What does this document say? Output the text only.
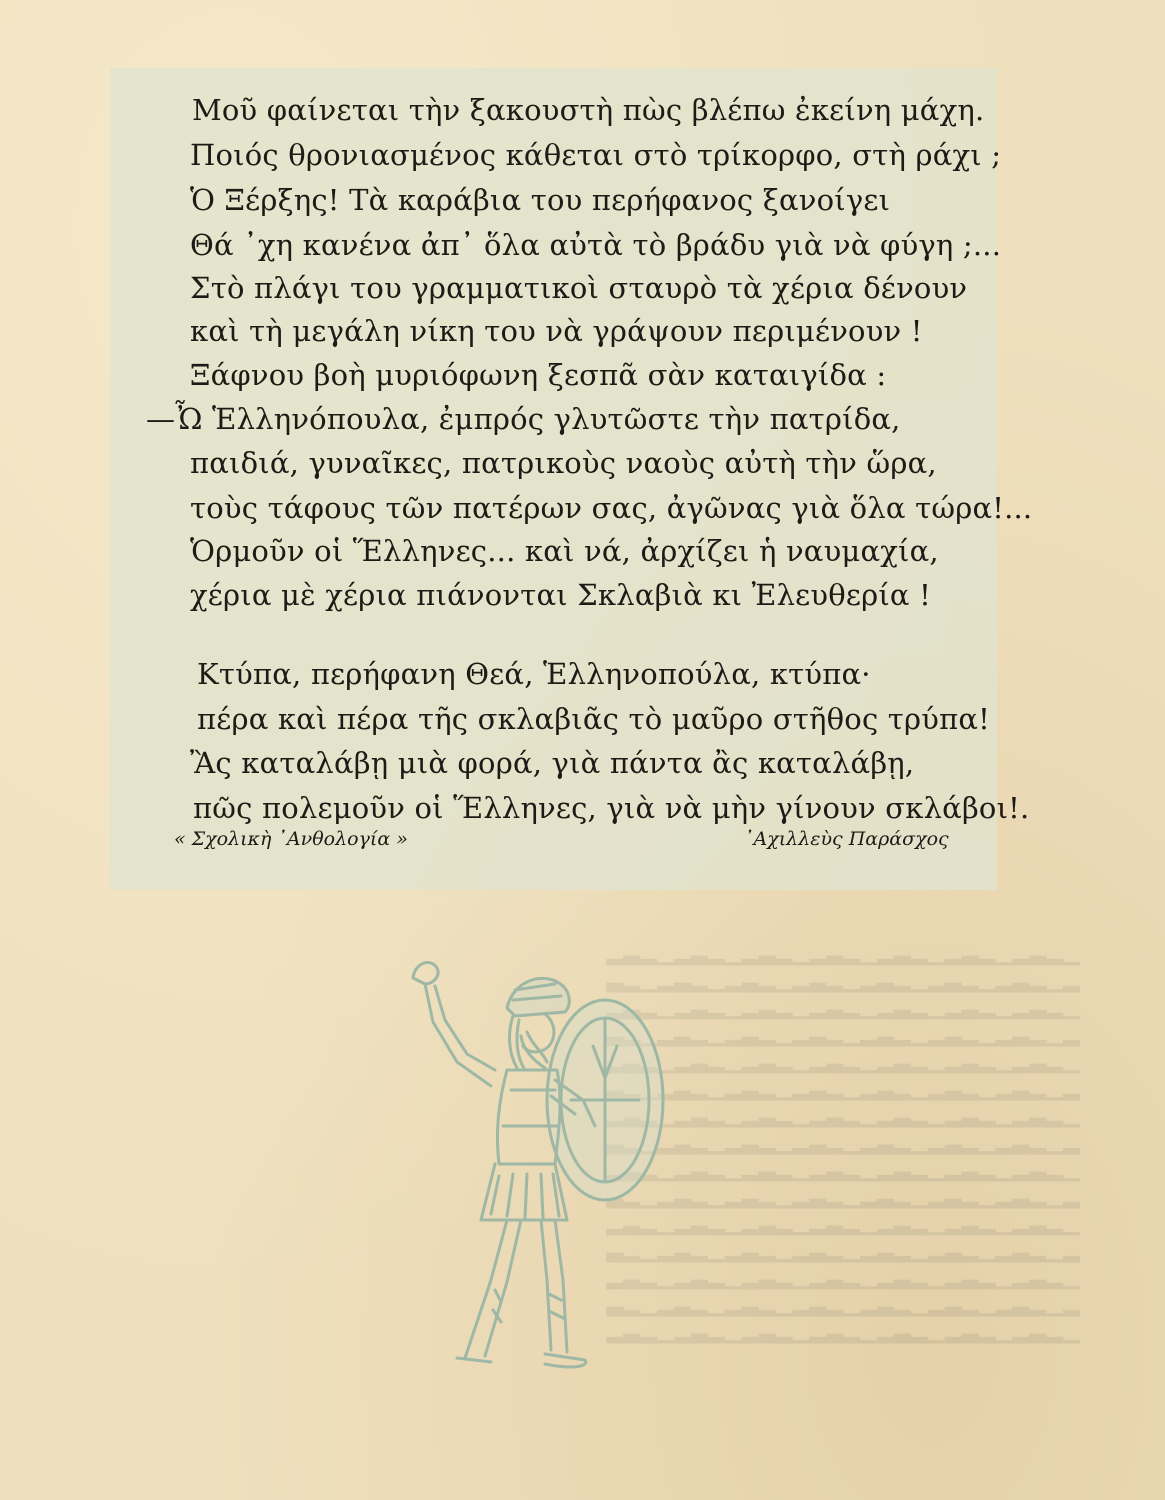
▁▂▃▂▁▂▃▂▁▂▃▂▁▂▃▂▁▂▃▂▁▂▃▂▁▂▃▂
▂▁▂▃▂▁▂▃▂▁▂▃▂▁▂▃▂▁▂▃▂▁▂▃▂▁▂▃
▁▂▃▂▁▂▃▂▁▂▃▂▁▂▃▂▁▂▃▂▁▂▃▂▁▂▃▂
▂▁▂▃▂▁▂▃▂▁▂▃▂▁▂▃▂▁▂▃▂▁▂▃▂▁▂▃
▁▂▃▂▁▂▃▂▁▂▃▂▁▂▃▂▁▂▃▂▁▂▃▂▁▂▃▂
▂▁▂▃▂▁▂▃▂▁▂▃▂▁▂▃▂▁▂▃▂▁▂▃▂▁▂▃
▁▂▃▂▁▂▃▂▁▂▃▂▁▂▃▂▁▂▃▂▁▂▃▂▁▂▃▂
▂▁▂▃▂▁▂▃▂▁▂▃▂▁▂▃▂▁▂▃▂▁▂▃▂▁▂▃
▁▂▃▂▁▂▃▂▁▂▃▂▁▂▃▂▁▂▃▂▁▂▃▂▁▂▃▂
▂▁▂▃▂▁▂▃▂▁▂▃▂▁▂▃▂▁▂▃▂▁▂▃▂▁▂▃
▁▂▃▂▁▂▃▂▁▂▃▂▁▂▃▂▁▂▃▂▁▂▃▂▁▂▃▂
▂▁▂▃▂▁▂▃▂▁▂▃▂▁▂▃▂▁▂▃▂▁▂▃▂▁▂▃
▁▂▃▂▁▂▃▂▁▂▃▂▁▂▃▂▁▂▃▂▁▂▃▂▁▂▃▂
▂▁▂▃▂▁▂▃▂▁▂▃▂▁▂▃▂▁▂▃▂▁▂▃▂▁▂▃
▁▂▃▂▁▂▃▂▁▂▃▂▁▂▃▂▁▂▃▂▁▂▃▂▁▂▃▂
Μοῦ φαίνεται τὴν ξακουστὴ πὼς βλέπω ἐκείνη μάχη.
Ποιός θρονιασμένος κάθεται στὸ τρίκορφο, στὴ ράχι ;
Ὁ Ξέρξης! Τὰ καράβια του περήφανος ξανοίγει
Θά ᾽χη κανένα ἀπ᾽ ὅλα αὐτὰ τὸ βράδυ γιὰ νὰ φύγη ;...
Στὸ πλάγι του γραμματικοὶ σταυρὸ τὰ χέρια δένουν
καὶ τὴ μεγάλη νίκη του νὰ γράψουν περιμένουν !
Ξάφνου βοὴ μυριόφωνη ξεσπᾶ σὰν καταιγίδα :
—Ὦ Ἑλληνόπουλα, ἐμπρός γλυτῶστε τὴν πατρίδα,
παιδιά, γυναῖκες, πατρικοὺς ναοὺς αὐτὴ τὴν ὥρα,
τοὺς τάφους τῶν πατέρων σας, ἀγῶνας γιὰ ὅλα τώρα!...
Ὁρμοῦν οἱ Ἕλληνες... καὶ νά, ἀρχίζει ἡ ναυμαχία,
χέρια μὲ χέρια πιάνονται Σκλαβιὰ κι Ἐλευθερία !
Κτύπα, περήφανη Θεά, Ἑλληνοπούλα, κτύπα·
πέρα καὶ πέρα τῆς σκλαβιᾶς τὸ μαῦρο στῆθος τρύπα!
Ἂς καταλάβῃ μιὰ φορά, γιὰ πάντα ἂς καταλάβῃ,
πῶς πολεμοῦν οἱ Ἕλληνες, γιὰ νὰ μὴν γίνουν σκλάβοι!.
« Σχολικὴ ᾽Ανθολογία »	᾽Αχιλλεὺς Παράσχος
